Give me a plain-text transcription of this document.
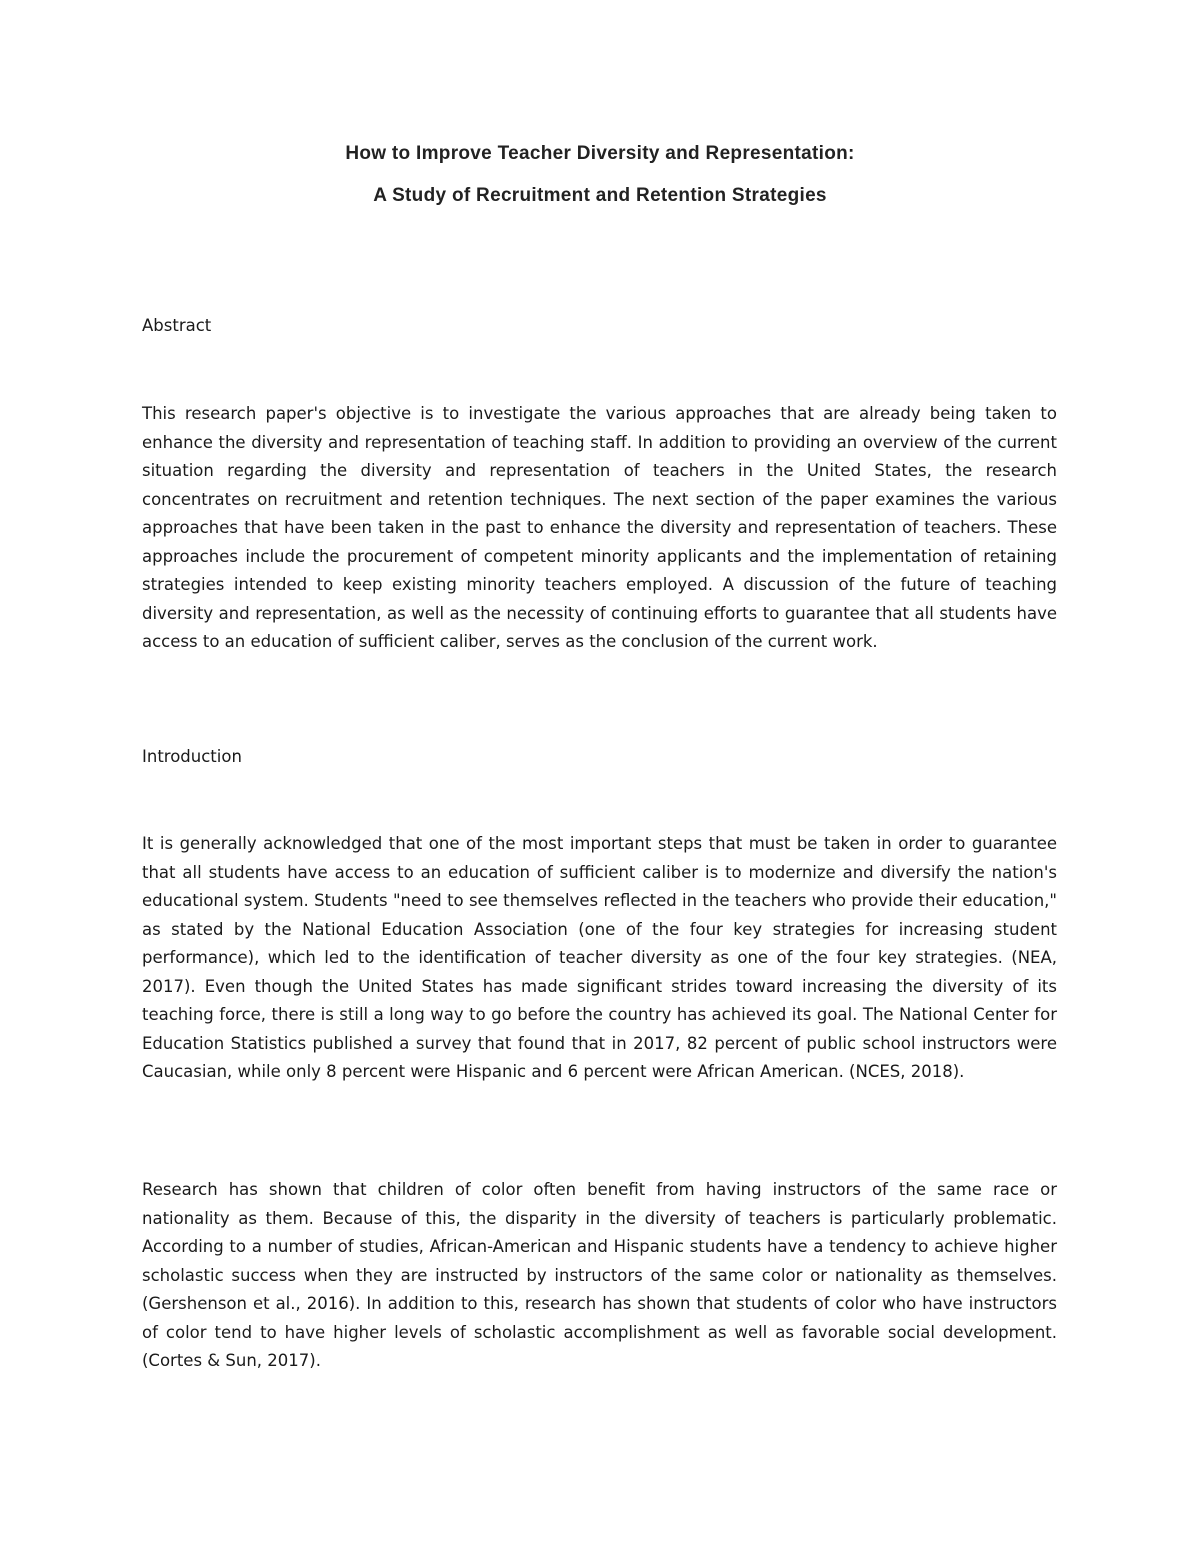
How to Improve Teacher Diversity and Representation:
A Study of Recruitment and Retention Strategies
Abstract

This research paper's objective is to investigate the various approaches that are already being taken to enhance the diversity and representation of teaching staff. In addition to providing an overview of the current situation regarding the diversity and representation of teachers in the United States, the research concentrates on recruitment and retention techniques. The next section of the paper examines the various approaches that have been taken in the past to enhance the diversity and representation of teachers. These approaches include the procurement of competent minority applicants and the implementation of retaining strategies intended to keep existing minority teachers employed. A discussion of the future of teaching diversity and representation, as well as the necessity of continuing efforts to guarantee that all students have access to an education of sufficient caliber, serves as the conclusion of the current work.

Introduction

It is generally acknowledged that one of the most important steps that must be taken in order to guarantee that all students have access to an education of sufficient caliber is to modernize and diversify the nation's educational system. Students "need to see themselves reflected in the teachers who provide their education," as stated by the National Education Association (one of the four key strategies for increasing student performance), which led to the identification of teacher diversity as one of the four key strategies. (NEA, 2017). Even though the United States has made significant strides toward increasing the diversity of its teaching force, there is still a long way to go before the country has achieved its goal. The National Center for Education Statistics published a survey that found that in 2017, 82 percent of public school instructors were Caucasian, while only 8 percent were Hispanic and 6 percent were African American. (NCES, 2018).

Research has shown that children of color often benefit from having instructors of the same race or nationality as them. Because of this, the disparity in the diversity of teachers is particularly problematic. According to a number of studies, African-American and Hispanic students have a tendency to achieve higher scholastic success when they are instructed by instructors of the same color or nationality as themselves. (Gershenson et al., 2016). In addition to this, research has shown that students of color who have instructors of color tend to have higher levels of scholastic accomplishment as well as favorable social development. (Cortes & Sun, 2017).
